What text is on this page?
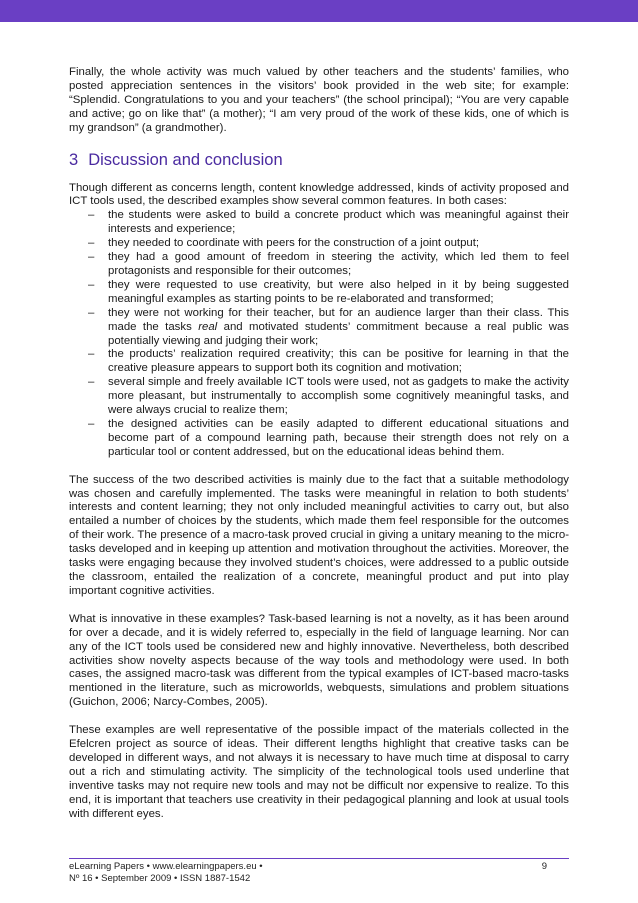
Finally, the whole activity was much valued by other teachers and the students’ families, who posted appreciation sentences in the visitors’ book provided in the web site; for example: “Splendid. Congratulations to you and your teachers” (the school principal); “You are very capable and active; go on like that” (a mother); “I am very proud of the work of these kids, one of which is my grandson” (a grandmother).

3 Discussion and conclusion

Though different as concerns length, content knowledge addressed, kinds of activity proposed and ICT tools used, the described examples show several common features. In both cases:

– the students were asked to build a concrete product which was meaningful against their interests and experience;
– they needed to coordinate with peers for the construction of a joint output;
– they had a good amount of freedom in steering the activity, which led them to feel protagonists and responsible for their outcomes;
– they were requested to use creativity, but were also helped in it by being suggested meaningful examples as starting points to be re-elaborated and transformed;
– they were not working for their teacher, but for an audience larger than their class. This made the tasks real and motivated students’ commitment because a real public was potentially viewing and judging their work;
– the products’ realization required creativity; this can be positive for learning in that the creative pleasure appears to support both its cognition and motivation;
– several simple and freely available ICT tools were used, not as gadgets to make the activity more pleasant, but instrumentally to accomplish some cognitively meaningful tasks, and were always crucial to realize them;
– the designed activities can be easily adapted to different educational situations and become part of a compound learning path, because their strength does not rely on a particular tool or content addressed, but on the educational ideas behind them.

The success of the two described activities is mainly due to the fact that a suitable methodology was chosen and carefully implemented. The tasks were meaningful in relation to both students’ interests and content learning; they not only included meaningful activities to carry out, but also entailed a number of choices by the students, which made them feel responsible for the outcomes of their work. The presence of a macro-task proved crucial in giving a unitary meaning to the micro-tasks developed and in keeping up attention and motivation throughout the activities. Moreover, the tasks were engaging because they involved student’s choices, were addressed to a public outside the classroom, entailed the realization of a concrete, meaningful product and put into play important cognitive activities.

What is innovative in these examples? Task-based learning is not a novelty, as it has been around for over a decade, and it is widely referred to, especially in the field of language learning. Nor can any of the ICT tools used be considered new and highly innovative. Nevertheless, both described activities show novelty aspects because of the way tools and methodology were used. In both cases, the assigned macro-task was different from the typical examples of ICT-based macro-tasks mentioned in the literature, such as microworlds, webquests, simulations and problem situations (Guichon, 2006; Narcy-Combes, 2005).

These examples are well representative of the possible impact of the materials collected in the Efelcren project as source of ideas. Their different lengths highlight that creative tasks can be developed in different ways, and not always it is necessary to have much time at disposal to carry out a rich and stimulating activity. The simplicity of the technological tools used underline that inventive tasks may not require new tools and may not be difficult nor expensive to realize. To this end, it is important that teachers use creativity in their pedagogical planning and look at usual tools with different eyes.

eLearning Papers • www.elearningpapers.eu •
Nº 16 • September 2009 • ISSN 1887-1542
9
